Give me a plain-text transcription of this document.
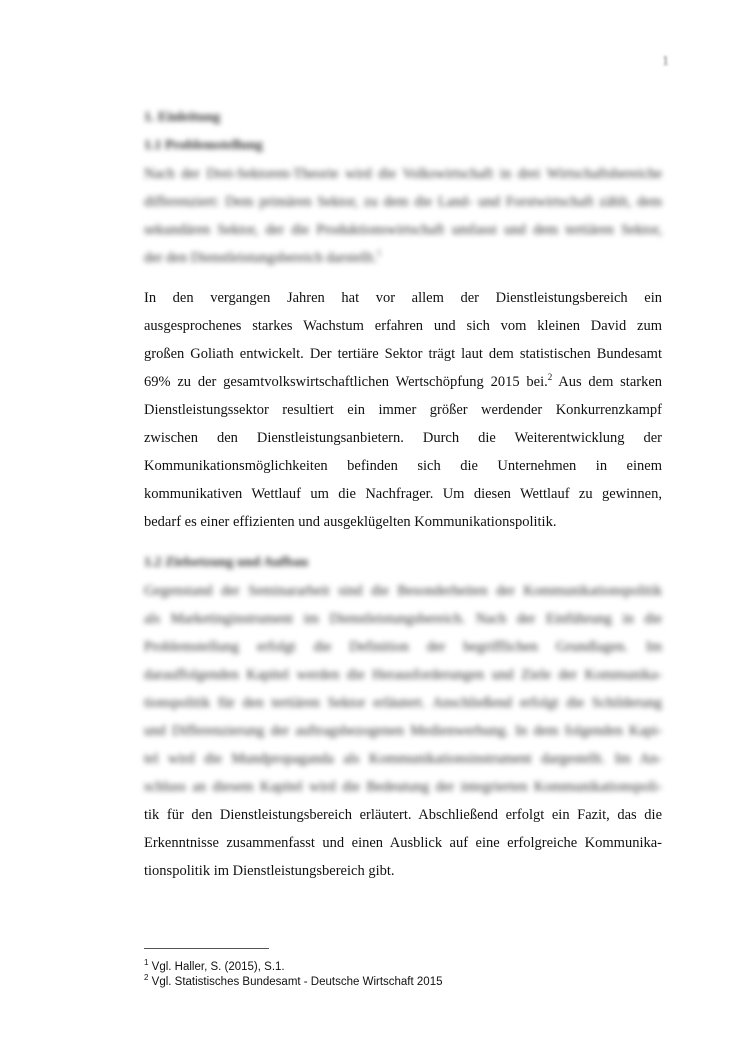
1
1. Einleitung
1.1 Problemstellung
Nach der Drei-Sektoren-Theorie wird die Volkswirtschaft in drei Wirtschaftsbereiche
differenziert: Dem primären Sektor, zu dem die Land- und Forstwirtschaft zählt, dem
sekundären Sektor, der die Produktionswirtschaft umfasst und dem tertiären Sektor,
der den Dienstleistungsbereich darstellt.$^1$
In den vergangen Jahren hat vor allem der Dienstleistungsbereich ein
ausgesprochenes starkes Wachstum erfahren und sich vom kleinen David zum
großen Goliath entwickelt. Der tertiäre Sektor trägt laut dem statistischen Bundesamt
69% zu der gesamtvolkswirtschaftlichen Wertschöpfung 2015 bei.$^2$ Aus dem starken
Dienstleistungssektor resultiert ein immer größer werdender Konkurrenzkampf
zwischen den Dienstleistungsanbietern. Durch die Weiterentwicklung der
Kommunikationsmöglichkeiten befinden sich die Unternehmen in einem
kommunikativen Wettlauf um die Nachfrager. Um diesen Wettlauf zu gewinnen,
bedarf es einer effizienten und ausgeklügelten Kommunikationspolitik.
1.2 Zielsetzung und Aufbau
Gegenstand der Seminararbeit sind die Besonderheiten der Kommunikationspolitik
als Marketinginstrument im Dienstleistungsbereich. Nach der Einführung in die
Problemstellung erfolgt die Definition der begrifflichen Grundlagen. Im
darauffolgenden Kapitel werden die Herausforderungen und Ziele der Kommunika-
tionspolitik für den tertiären Sektor erläutert. Anschließend erfolgt die Schilderung
und Differenzierung der auftragsbezogenen Medienwerbung. In dem folgenden Kapi-
tel wird die Mundpropaganda als Kommunikationsinstrument dargestellt. Im An-
schluss an diesem Kapitel wird die Bedeutung der integrierten Kommunikationspoli-
tik für den Dienstleistungsbereich erläutert. Abschließend erfolgt ein Fazit, das die
Erkenntnisse zusammenfasst und einen Ausblick auf eine erfolgreiche Kommunika-
tionspolitik im Dienstleistungsbereich gibt.
$^1$ Vgl. Haller, S. (2015), S.1.
$^2$ Vgl. Statistisches Bundesamt - Deutsche Wirtschaft 2015
